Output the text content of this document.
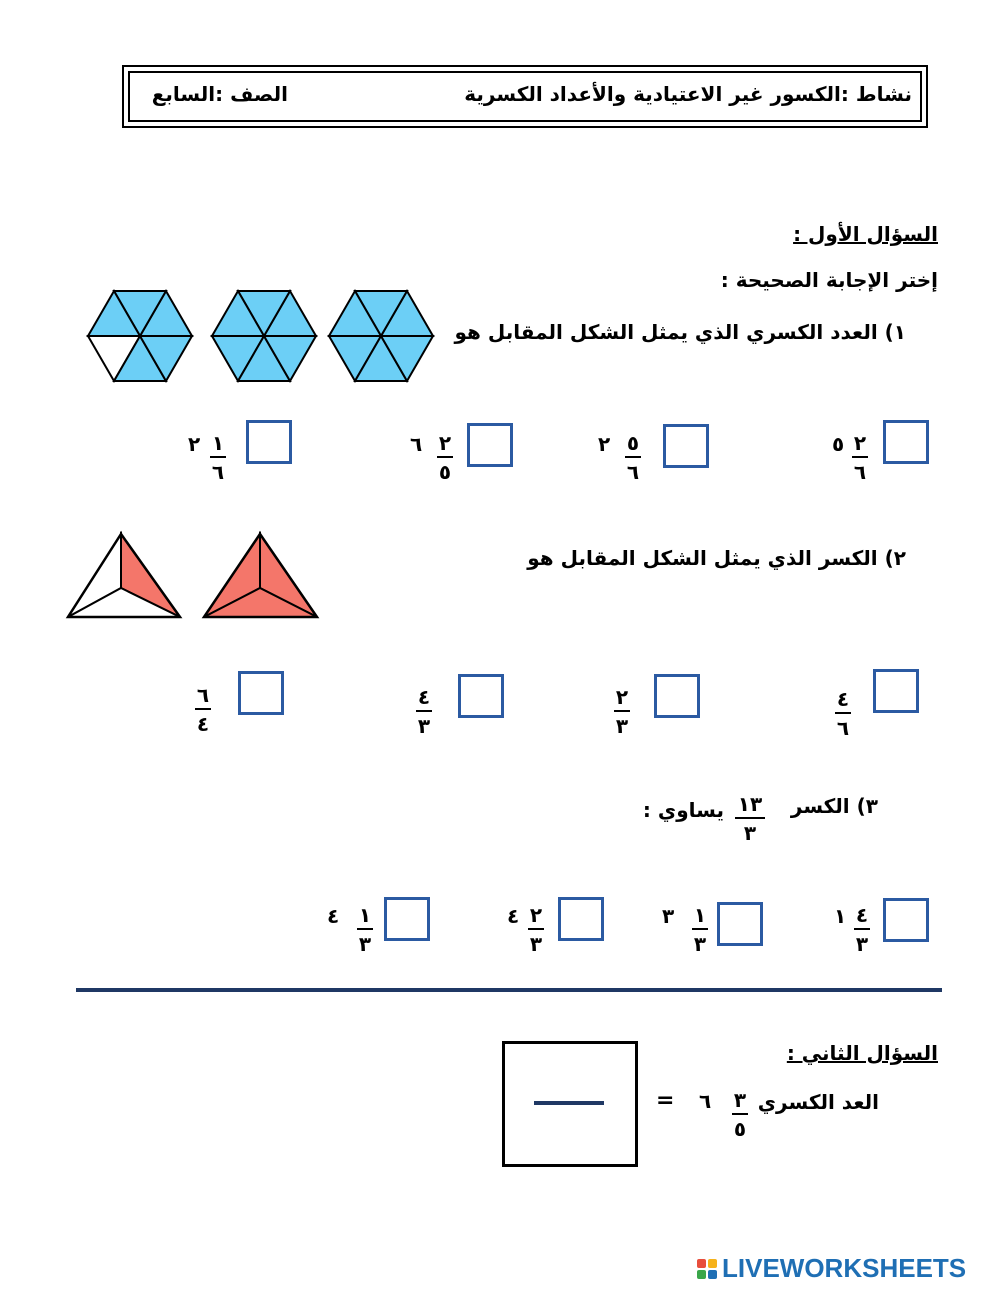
نشاط :الكسور غير الاعتيادية والأعداد الكسرية
الصف :السابع
السؤال الأول :
إختر الإجابة الصحيحة :
١) العدد الكسري الذي يمثل الشكل المقابل هو
٢
٦
٥
٥
٦
٢
٢
٥
٦
١
٦
٢
٢) الكسر الذي يمثل الشكل المقابل هو
٤
٦
٢
٣
٤
٣
٦
٤
٣) الكسر
١٣
٣
يساوي :
٤
٣
١
١
٣
٣
٢
٣
٤
١
٣
٤
السؤال الثاني :
العد الكسري
٣
٥
٦
=
LIVEWORKSHEETS
